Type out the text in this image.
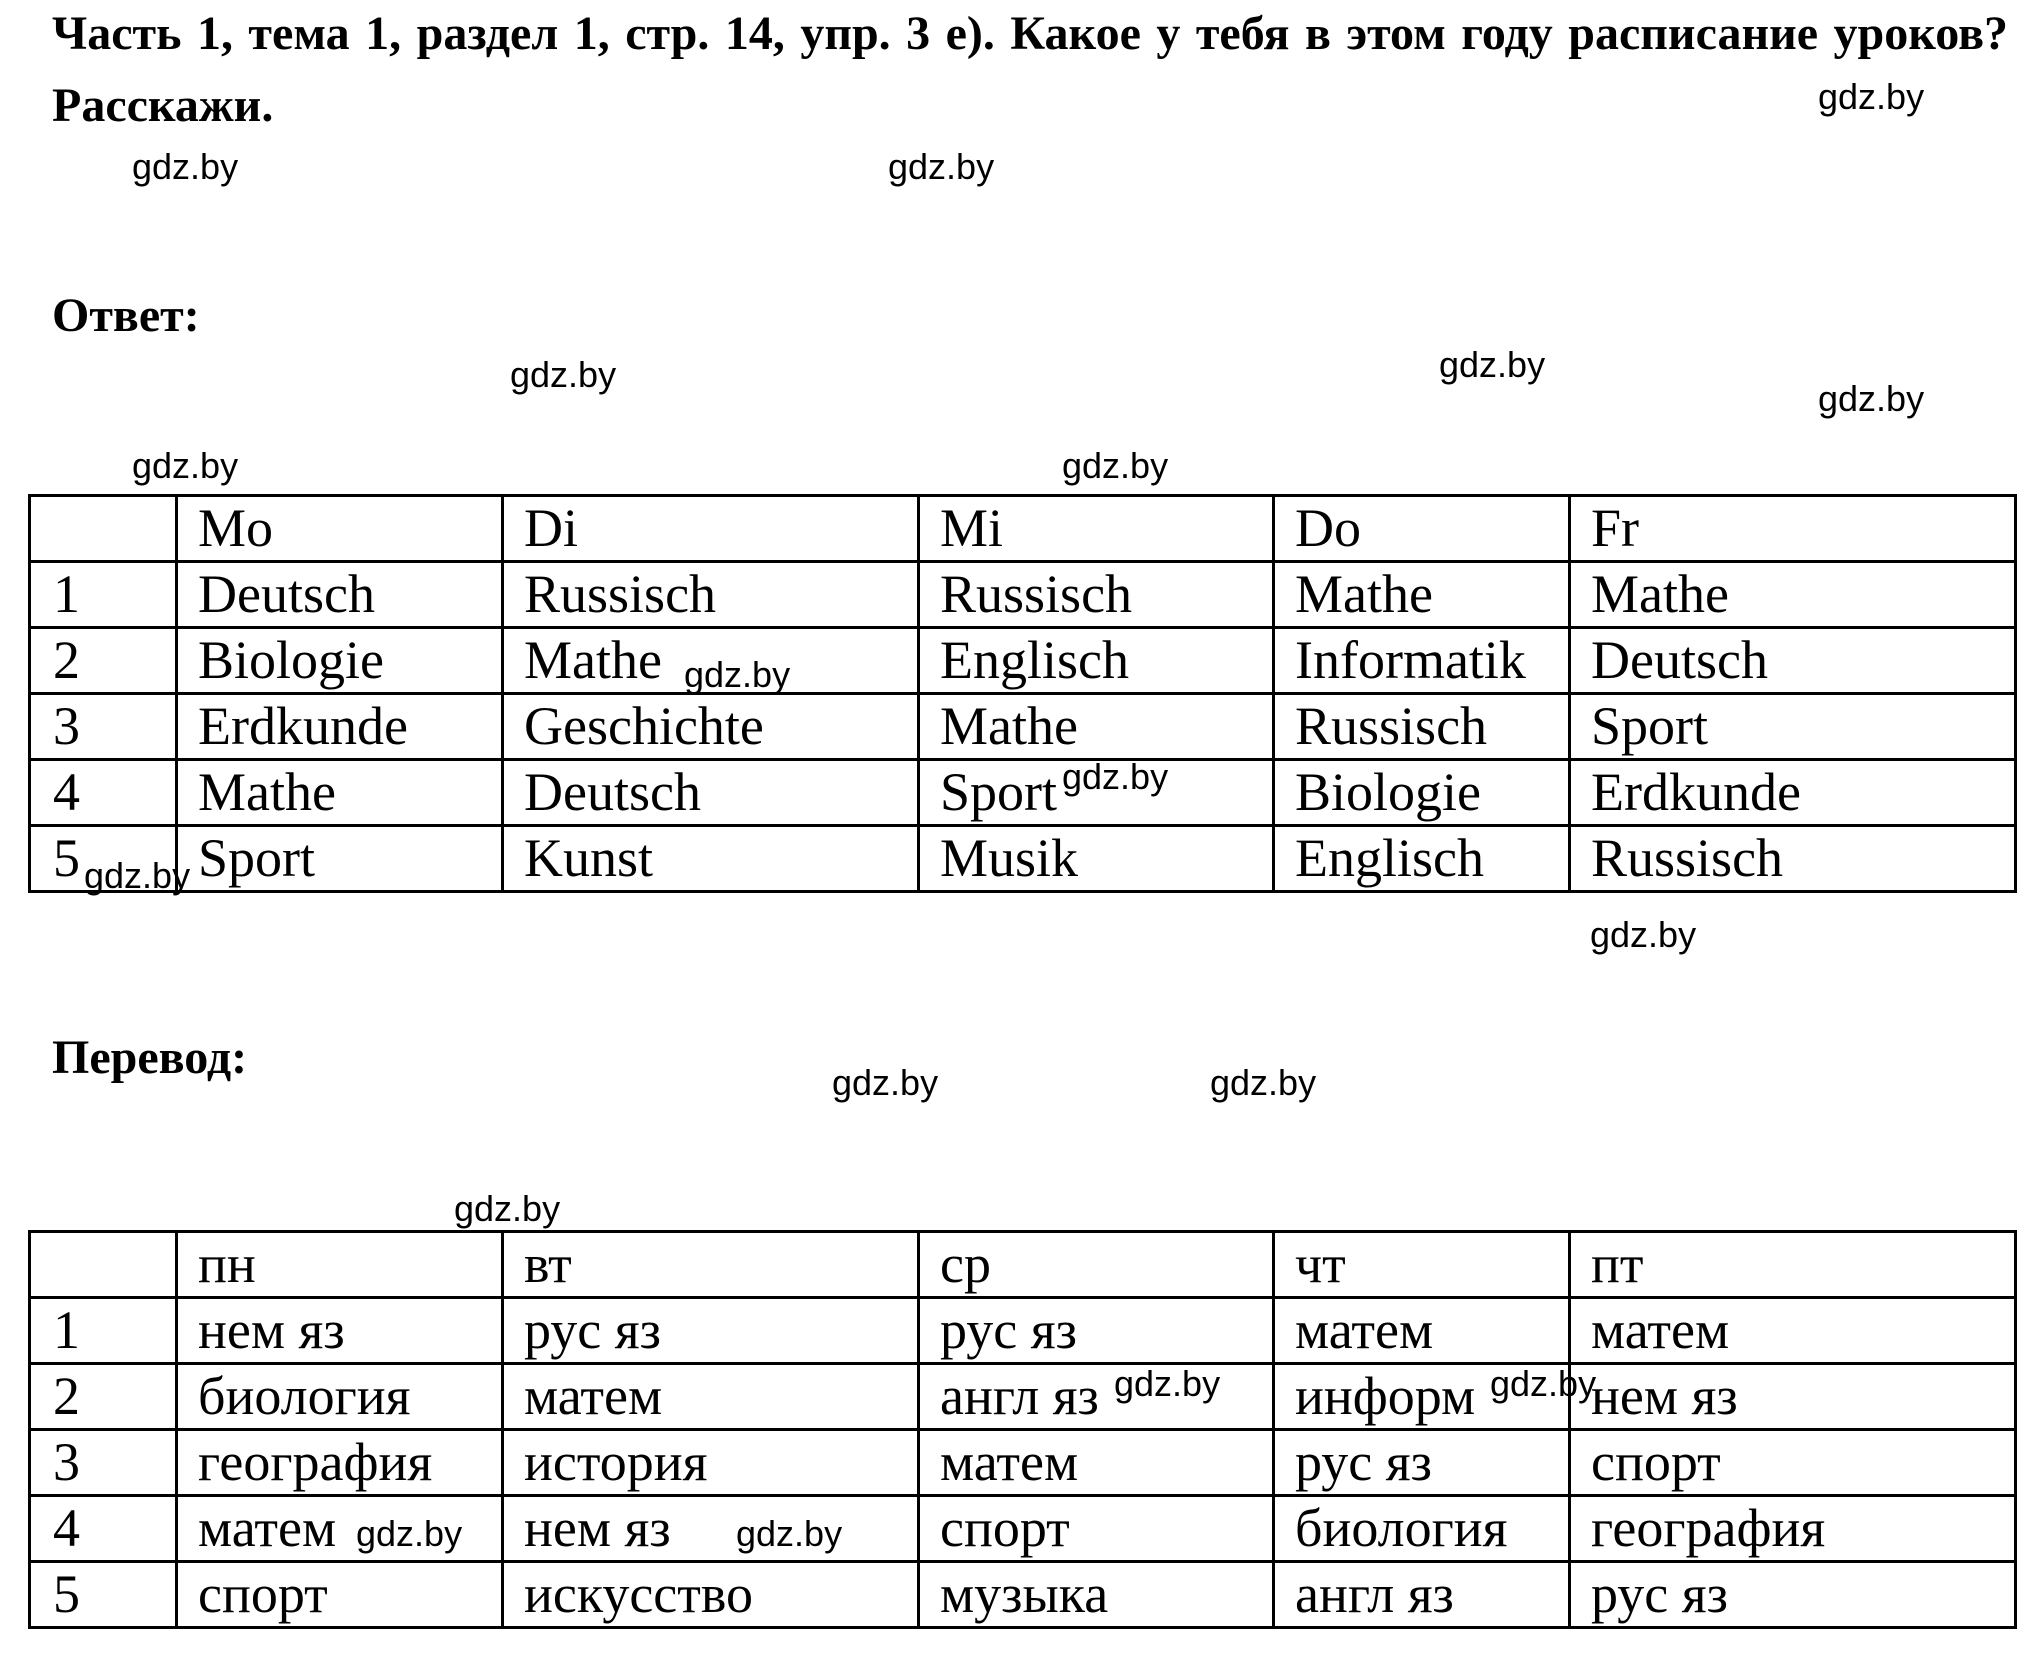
Часть 1, тема 1, раздел 1, стр. 14, упр. 3 е). Какое у тебя в этом году расписание уроков? Расскажи.
Ответ:
	Mo	Di	Mi	Do	Fr
1	Deutsch	Russisch	Russisch	Mathe	Mathe
2	Biologie	Mathe	Englisch	Informatik	Deutsch
3	Erdkunde	Geschichte	Mathe	Russisch	Sport
4	Mathe	Deutsch	Sport	Biologie	Erdkunde
5	Sport	Kunst	Musik	Englisch	Russisch
Перевод:
	пн	вт	ср	чт	пт
1	нем яз	рус яз	рус яз	матем	матем
2	биология	матем	англ яз	информ	нем яз
3	география	история	матем	рус яз	спорт
4	матем	нем яз	спорт	биология	география
5	спорт	искусство	музыка	англ яз	рус яз
gdz.by
gdz.by	gdz.by
gdz.by
gdz.by
gdz.by
gdz.by	gdz.by
gdz.by
gdz.by
gdz.by
gdz.by
gdz.by	gdz.by
gdz.by
gdz.by	gdz.by
gdz.by	gdz.by
